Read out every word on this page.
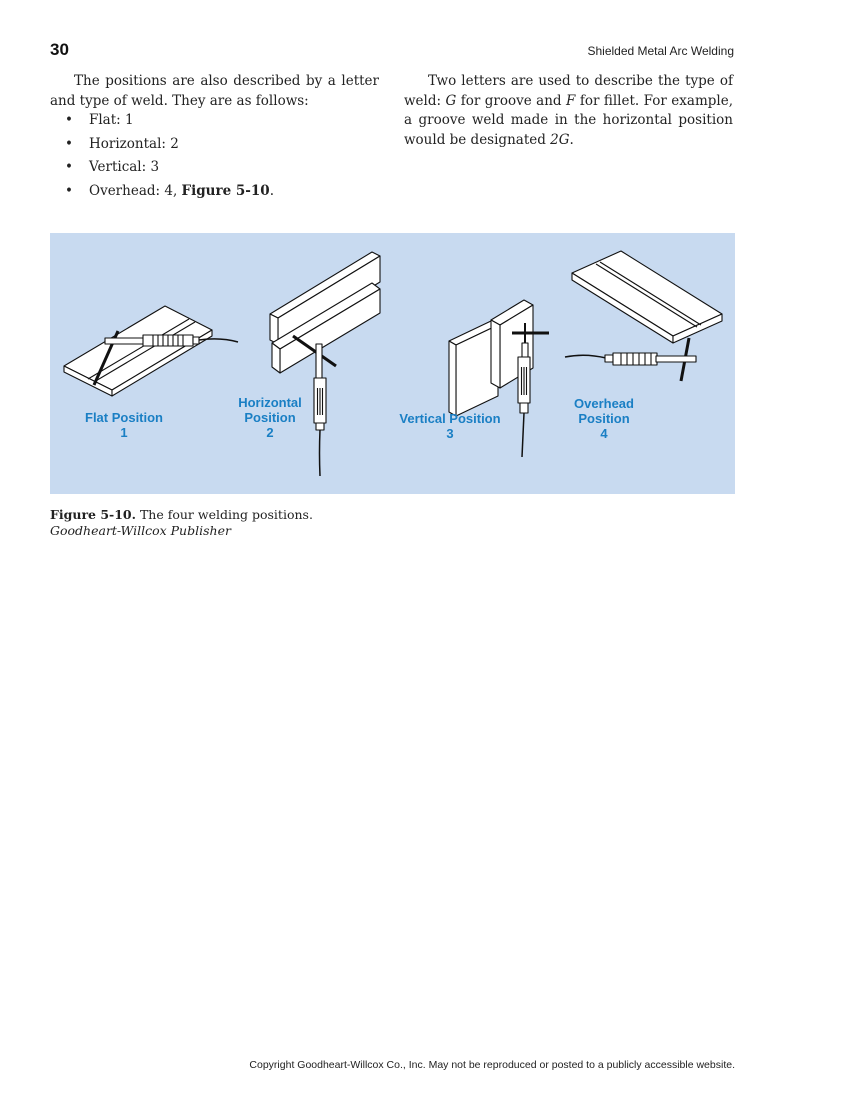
30	Shielded Metal Arc Welding

The positions are also described by a letter and type of weld. They are as follows:

• Flat: 1
• Horizontal: 2
• Vertical: 3
• Overhead: 4, Figure 5-10.

Two letters are used to describe the type of weld: G for groove and F for fillet. For example, a groove weld made in the horizontal position would be designated 2G.

Flat Position
1
Horizontal
Position
2
Vertical Position
3
Overhead
Position
4
Figure 5-10. The four welding positions.
Goodheart-Willcox Publisher
Copyright Goodheart-Willcox Co., Inc. May not be reproduced or posted to a publicly accessible website.
